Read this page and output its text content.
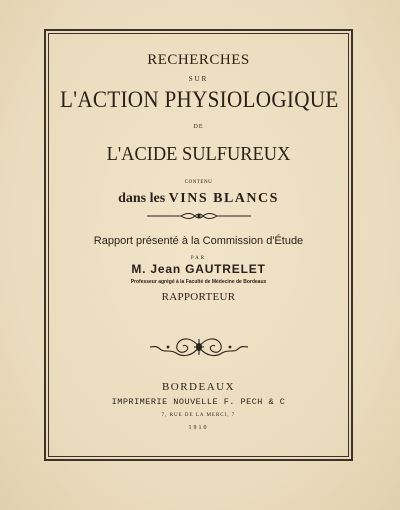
RECHERCHES
SUR
L'ACTION PHYSIOLOGIQUE
DE
L'ACIDE SULFUREUX
CONTENU
dans les VINS BLANCS
Rapport présenté à la Commission d'Étude
PAR
M. Jean GAUTRELET
Professeur agrégé à la Faculté de Médecine de Bordeaux
RAPPORTEUR
BORDEAUX
IMPRIMERIE NOUVELLE F. PECH & C
7, RUE DE LA MERCI, 7
1910
